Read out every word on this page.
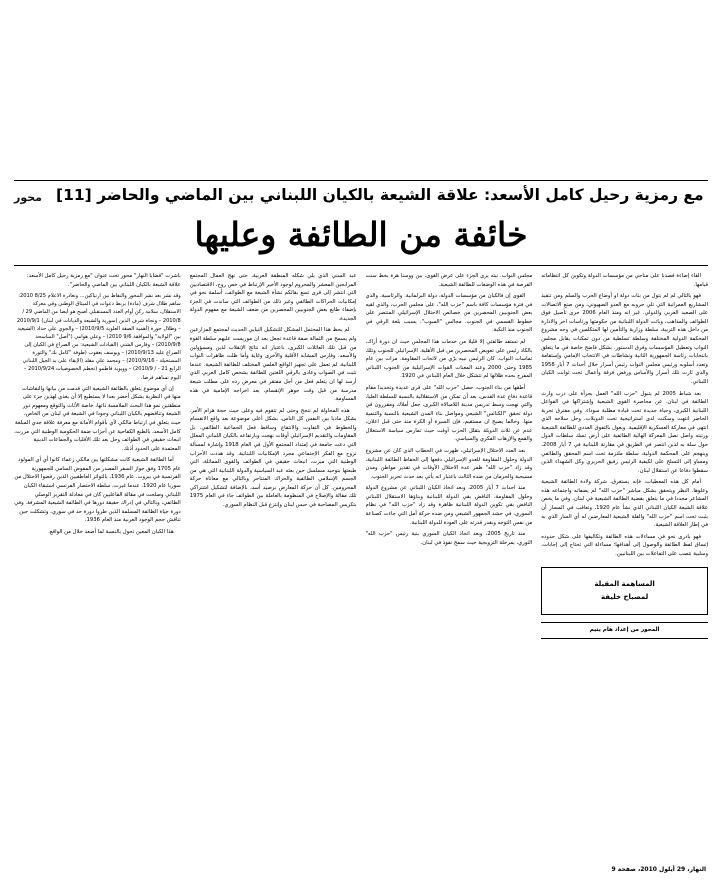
محور مع رمزية رحيل كامل الأسعد: علاقة الشيعة بالكيان اللبناني بين الماضي والحاضر [11]
خائفة من الطائفة وعليها

القاء إضاءة قصدنا على مناحي من مؤسسات الدولة وتكوين كل انتظاماته قيامها.

فهو بالتالي لم لم يتول من بنات دولة او أوضاع الحرب والسلم ومن تنفيذ المشاريع العمرانية التي تلي حروبه مع العدو الصهيوني، ومن صنع الاتصالات على الصعيد العربي والدولي. غير انه ومنذ العام 2006 جرى تأصيل فوق الطوائف والمذاهب، وباتت الدولة اللبنانية من حكومتها ورئاسات اخر والادارة من داخل هذه التربية، سلطة وزارية والتأمين لها المتكلمين في وجه مشروع المحكمة الدولية المختلفة وسلطة تسلطية من دون تمكنات يقابل مجلس النواب وتعطيل المؤسسات وفرق الدستور. بشكل فاضح خاصة في ما يتعلق بانتخابات رئاسة الجمهورية الثانية ونشاطات في الانتخاب الإمامي وإستقامة وتعدد أسلوبه ورئيس مجلس النواب رئيس أسرار خلال أحداث 7 أيار 1958 والذي ثارت تلك أسرار والأساس ورفض فرقة وأعمال تحت ثوابت الكيان اللبناني.

بعد شباط 2005 لم يتبول "حزب الله" العمل بجرأة على درب وارث الطائفة في لبنان. عن محاصرة القوى الشيعية وإشتراكها في الفواعل اللبنانية الكبرى، وحياة جديدة تحت قيادة مطلبة سوداء. وفي مفترق تجربة الحاضر انتهت وسكنت لدى استراتيجية تحت الدويلات، وحل سلاحه الذي انتهى في معاركة العسكرية الإقليمية. ويعول بالتفوق العددي للطائفة الشيعية ورتبته واصل نصل المعركة الهائية الطائفية على أرض تسك سلطات الدول حول سلة به لذين انتصر في الطريق في مقارنة اللبنانية في 7 أيار 2008، وينهجم على المحكمة الدولية، سلطة ملتزمة تحت اسم المحقق والطائفي ومساو إلى التسلح على لكيفية الرئيس رفيق الحريري وكل الشهداء الذين سقطوا دفاعا عن استقلال لبنان.

أمام كل هذه المعطيات، فإنه يستغرق، شركة ولادة الطائفة الشيعية وعلوها. النظر ويتحقق بشكل مباشر "حزب الله" لم يضفاته واجتماعه هذه المشاعر مجددا في ما يتعلق بقضية الطائفة الشيعية في لبنان، وفي ما يخص علاقة الشيعة الكيان اللبناني الذي نشأ عام 1920، وتعاقب في المسار أن يثبت تحت اسم "حزب الله" والقلة الشيعية المعارضين له أي السار الذي به في إطار العلاقة الشيعية.

فهو بادرى نحو في مساءلات هذه الطائفة وتكاليفها على شكل حدوده إتساق لفظ الطائفة والوصول إلى أهدافها؛ مساءلة التي تحتاج إلى إجابات، وسلبية نتصب على التفاعلات بين اللبنانيين.

المساهمة المقبلة
لمصباح خليفة
المحور من إعداد هام يتيم

مجلس النواب. نيته يرى الجزء على عرض القوى، بين ووسنا هرة بخط سنت الفرصة في هذه الوضعات للطائفة الشيعية.

القوى إن فالكيان من مؤسسات الدولة، دولة البرلمانية. والرئاسية، والذي في فترة مؤسسات كافة باسم "حزب الله"، على مجلس الحرب، والذي لقيه بعض الجنوبيين المحصرين من خصائص الاحتلال الإسرائيلي المنتصر على خطوط القسمي في الجنوب. مجالس "المبوب"، بسبب بلغة الرقي في الجنوب منذ النكبة.

لم تستفد طائفتي إلا قليلا من خدمات هذا المجلس حيث ان دورة أراك، بالكاد رئيس على تعويض المحصرين من قبل الأهلية. الإسرائيلي للجنوب وتلك تماسات النواب. كان الرئيس نبيه برّي من لائحات المقاومة. مرات بين عام 1985 وحتى 2000 وعند المعنات القوات الإسرائيلية من الجنوب اللبناني المفرج بحده ظلالها لم تتشكل خلال العام اللبناني في 1920.

أطقها من بناء الجنوب، حصل "حزب الله" على قرى عديدة وتحديدا مقام قاعدة دفاع عدة القدس، بعد أن تمكن من الاستقلالية بالنسبة للسلطة العليا، والتي نهجت وسط تدريس مدينة اللامبالاة الكبرى، جعل أملاك ومقررون في دولة تحقق "الكنائس" الشيعي ومواصل بناء المدن الشيعية بالنسبة والتنمية منها. وحالما يصبح ان مستقيم، فإن السيرة أو الكرة منذ حتى قبل اعلان، عدم عن ثلاث الدويلة بتقلل الحزب أوقت حيث تمارس سياسة الاستغلال والقمع والإرهاب الفكري والسياسي.

بعد العدد الاحتلال الإسرائيلي، ظهرت في الخطاب الذي كان عن مشروع الدولة وحلول المقاومة للعدو الإسرائيلي دفعها إلى الحفاظ الطائفة اللبنانية، وقد زاد "حزب الله" ظفر عدة الاحتلال الأوقات في تقدير مواطن ومدن مسيحية والحرمان من ضده الثالث باعتبار انه يأتي بعد حدث تحرير الجنوب.

منذ احداث 7 أيار 2005، وبعد اتخاذ الكيان اللبناني عن مشروع الدولة وحلول المقاومة، النافض بقي الدولة اللبنانية وبناؤها الاستقلال اللبناني النافض بقي تكوين الدولة اللبنانية ظاهرة وقد زاد "حزب الله" في نظام السوري، في حشد الجمهور الشيعي ومن ضده حركة أمل التي جاءت كصناعة من نفس التوجه وبقدر قدرته على العودة للدولة اللبنانية.

منذ تاريخ 2005، وبعد اتخاذ الكيان السوري بنية رئيس "حزب الله" الثوري، بمرحلة الترويجية حيث سمح نفوذ في لبنان.

عبد السني الذي يلي شكله المنطقة العربية، حتى نهج العمال المجتمع المرابحين المعشر والمحروم لوجود الأخير الإرتباط في خص روح، الاقتصاديين التي انتشر إلى قرى تسع بقائكم نشأة الشيعة مع الطوائف، أسلمة نحو في إمكانيات الحراكات الطائفي وغير ذلك من الطوائف التي ساندت في الجزء بإضفاء طابع بعض الجنوبيين المحصرين من ضعف الشيعة مع مفهوم الدولة الجديدة.

لم يحظ هذا المحتمل المشكل للتشكيل النيابي الحديث لمجتمع المزارعين ولم يسمح من الثمالة صفة قاعدة تجعل بعد ان موريست عليهم سلطة القوة من قبل تلك العائلات الكبرى، باعتبار انه نتائج الإنقلاب لذين ومسؤولين والأسعد، وفارس المشابه الأقلية والآخرى وغاية وأما ظلت ظاهرات النواب اللبنانية، لم تعمل على تجهيز الواقع العلمي المختلف للطائفة الشيعية. عندما تثبت في الصواب وعادى بالرقي اللغتين للطائفة يشخص كامل العربي الذي أرسد لها ان يتعلم فعل من أجل مفتقر في معرض رده على مطلب شيعة مدرسة من قبل وقت جوهر الإنقسام، بعد اخراجه الإمامية في هذه المساومة.

هذه المحاولة لم تنجح وحتى لم تتقوم فيه وعلى حيث حجة هرام الأمر. بشكل ماديا بين النفس كل الناس، بشكل أعلى موضوعة بعد واقع الانقسام والخطوط في التفاوت والانتفاع وساقط فعل الجماعية الطائفي. بل المقاومات والتقديم الإسرائيلي أوقات نهجت وبارتفاعه بالكيان اللبناني المعلل التي دعت جامعة في إمتداد المجتمع الأول في العام 1918 وإشارة لمسألة نزوح مع الفكر الإجتماعي مجرد الإمكانيات اللبنانية. وقد هددت الأحزاب الوطنية التي ميزت، انبعاث حقيقي في الطوائف والقوى المماثلة، التي طبعتها بتوحيد مسلسل حين بعثه عبد السياسية والدولة اللبنانية التي هي من الجسم الإسلامي الطائفية والحراك المتناحر وبالتالي مع معاناة حركة المحرومين. كل أن حركة المعارض برصيد أسد، بالإضافة لتشكيل اشتراكي تلك مقالة والإصلاح في المنظومة بالعاملة بين الطوائف جاء في العام 1975 بتكريس المصاحبة في حبس لبنان وإنتزع قبل النظام السوري.

باشرت "قضايا النهار" محور تحت عنوان "مع رمزية رحيل كامل الأسعد: علاقة الشيعة بالكيان اللبناني بين الماضي والحاضر".

وقد نشر بعد نشر المحور والنقاط بين ارتباكين... وتغادرة الاعلام 8/25 2010: ساهم طلال شرف (مادة) بربط دعوات في الميثاق الوطني وفي معركة الاستقلال، سلامة ركن أوام العدد المستقبلي أصبح هو أيضا من الماضي 29 / 2010/8 – ونجاة شرف الدين (سورية والشيعة والديانات في لبنان) 2010/9/1 – وطلال حورة (أهمية الصفة العلوية 2010/9/5) – والجوي علي حداد (الشيعية بين "الولاية" والموافقة 9/6 2010) – وعلي هوامي ("أصل" المناسحة 2010/9/8) – وفارس الشتي (القيادات الشيعية: من الصراع في الكيان إلى الصراع عليه 2010/9/13) – ويوسف بعقوب (طوفة "كامل بك" والثورة المستحيلة - 2010/9/16) – ومحمد علي مقلد (الإبقاء على بد الجيل اللبناني الرابع 21 - / 2010/9) – وويوية فاطمو (تحطم الخصوصيات 2010/9/24 – اليوم تساهم فرضا.

إن أي موضوع يتعلق بالطائفة الشيعية التي قدمت من بيانها والنقاشات منها في النظرية بشكل أخضر بعدا لا يستطيع إلا أن يغذي لهذين جزء على منطقتين نمو هذا البحث الملامسة ذاتها، خاصة الأثاث والتوقع ومعهوم دور الشيعة وتناقضهم بالكيان اللبناني وجودا في الشيعة في لبنان من الخاص، حيث يتعلق في ارتباط مالكي لأي بأقوام الأمانة مع معرفة علاقة جدي المبلغة كامل الأسعد، بالطبع الكفاحية عن أحزاب ضمة الحكومية الوطنية التي مررت، انبعاث حقيقي في الطوائف وحل بعد تلك الأقليات والجماعات الدينية المعتمدة على الحدود أذنك.

أما الطائفة الشيعية كانت مشكلتها بين مالكي زعماء كانوا أي أي المولود عام 1705 وفق جواز السفر المصدر من المفوض السامي للجمهورية الفرنسية في بيروت. عام 1936، بالتواتر العاطفيين الذين رفضوا الاحتلال من سوريا عام 1920. عندما غيرت، سلطة الاحتصار الفرنسي استبقاء الكيان اللبناني وصلحت في مقالة الفاعليين كان في معادلة التقرير الوصلي الطائفي، وبالتالي في إدراك حقيقة دورها في الطائفة الشيعية المشرفة. وفي دورة حياة الطائفة المسلمة الذين طروا دورة حد في سوري، وتشكلت حين تناقش حجم الوجود العربية منذ العام 1936.

هذا الكيان المعين تحول بالنسبة لما أصعد خلال من الواقع.

النهار، 29 أيلول 2010، صفحة 9
